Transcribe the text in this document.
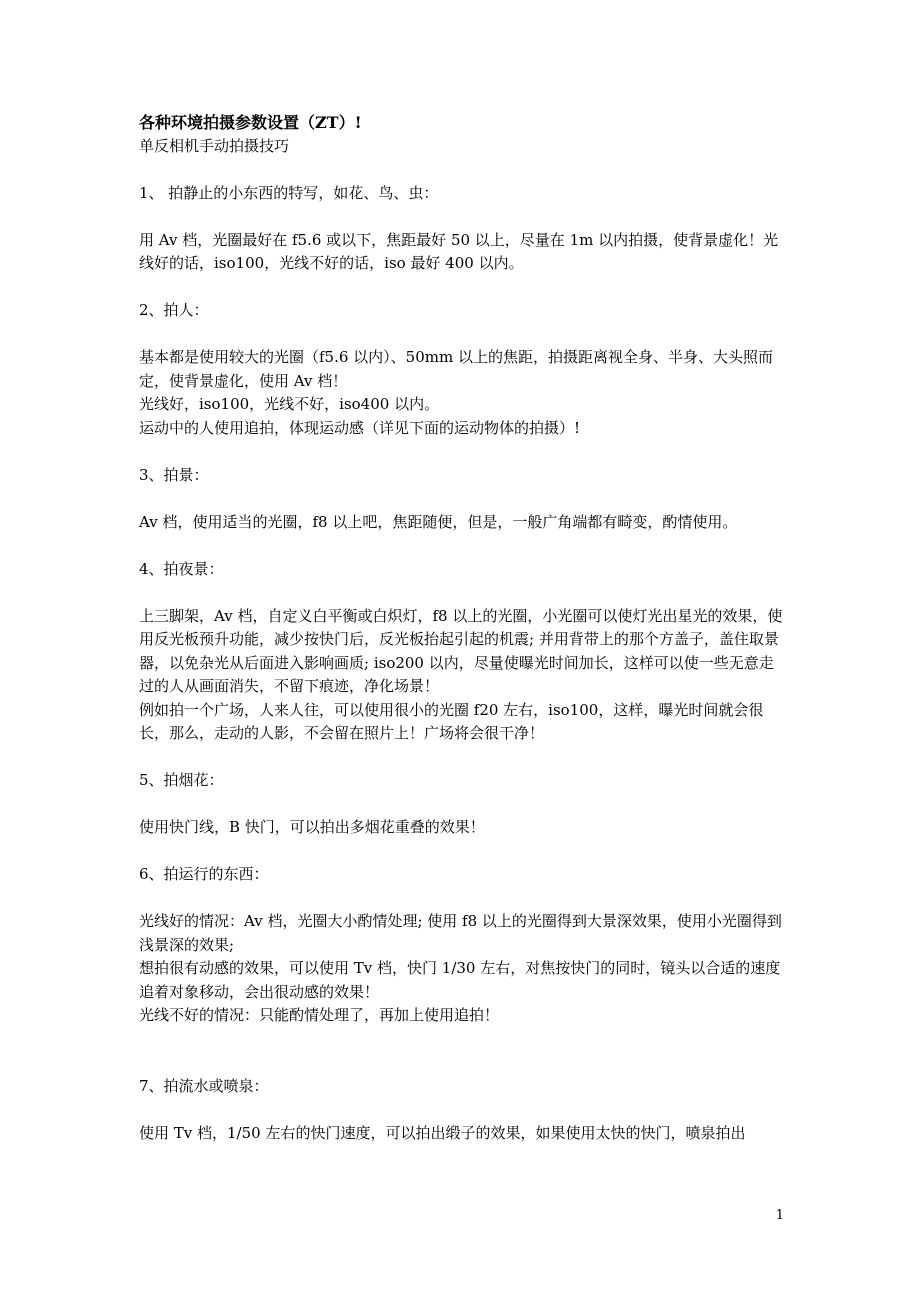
各种环境拍摄参数设置（ZT）!

单反相机手动拍摄技巧

1、 拍静止的小东西的特写，如花、鸟、虫：

用 Av 档，光圈最好在 f5.6 或以下，焦距最好 50 以上，尽量在 1m 以内拍摄，使背景虚化！光线好的话，iso100，光线不好的话，iso 最好 400 以内。

2、拍人：

基本都是使用较大的光圈（f5.6 以内）、50mm 以上的焦距，拍摄距离视全身、半身、大头照而定，使背景虚化，使用 Av 档！

光线好，iso100，光线不好，iso400 以内。

运动中的人使用追拍，体现运动感（详见下面的运动物体的拍摄）!

3、拍景：

Av 档，使用适当的光圈，f8 以上吧，焦距随便，但是，一般广角端都有畸变，酌情使用。

4、拍夜景：

上三脚架，Av 档，自定义白平衡或白炽灯，f8 以上的光圈，小光圈可以使灯光出星光的效果，使用反光板预升功能，减少按快门后，反光板抬起引起的机震; 并用背带上的那个方盖子，盖住取景器，以免杂光从后面进入影响画质; iso200 以内，尽量使曝光时间加长，这样可以使一些无意走过的人从画面消失，不留下痕迹，净化场景！

例如拍一个广场，人来人往，可以使用很小的光圈 f20 左右，iso100，这样，曝光时间就会很长，那么，走动的人影，不会留在照片上！广场将会很干净！

5、拍烟花：

使用快门线，B 快门，可以拍出多烟花重叠的效果！

6、拍运行的东西：

光线好的情况：Av 档，光圈大小酌情处理; 使用 f8 以上的光圈得到大景深效果，使用小光圈得到浅景深的效果;

想拍很有动感的效果，可以使用 Tv 档，快门 1/30 左右，对焦按快门的同时，镜头以合适的速度追着对象移动，会出很动感的效果！

光线不好的情况：只能酌情处理了，再加上使用追拍！

7、拍流水或喷泉：

使用 Tv 档，1/50 左右的快门速度，可以拍出缎子的效果，如果使用太快的快门，喷泉拍出

1
